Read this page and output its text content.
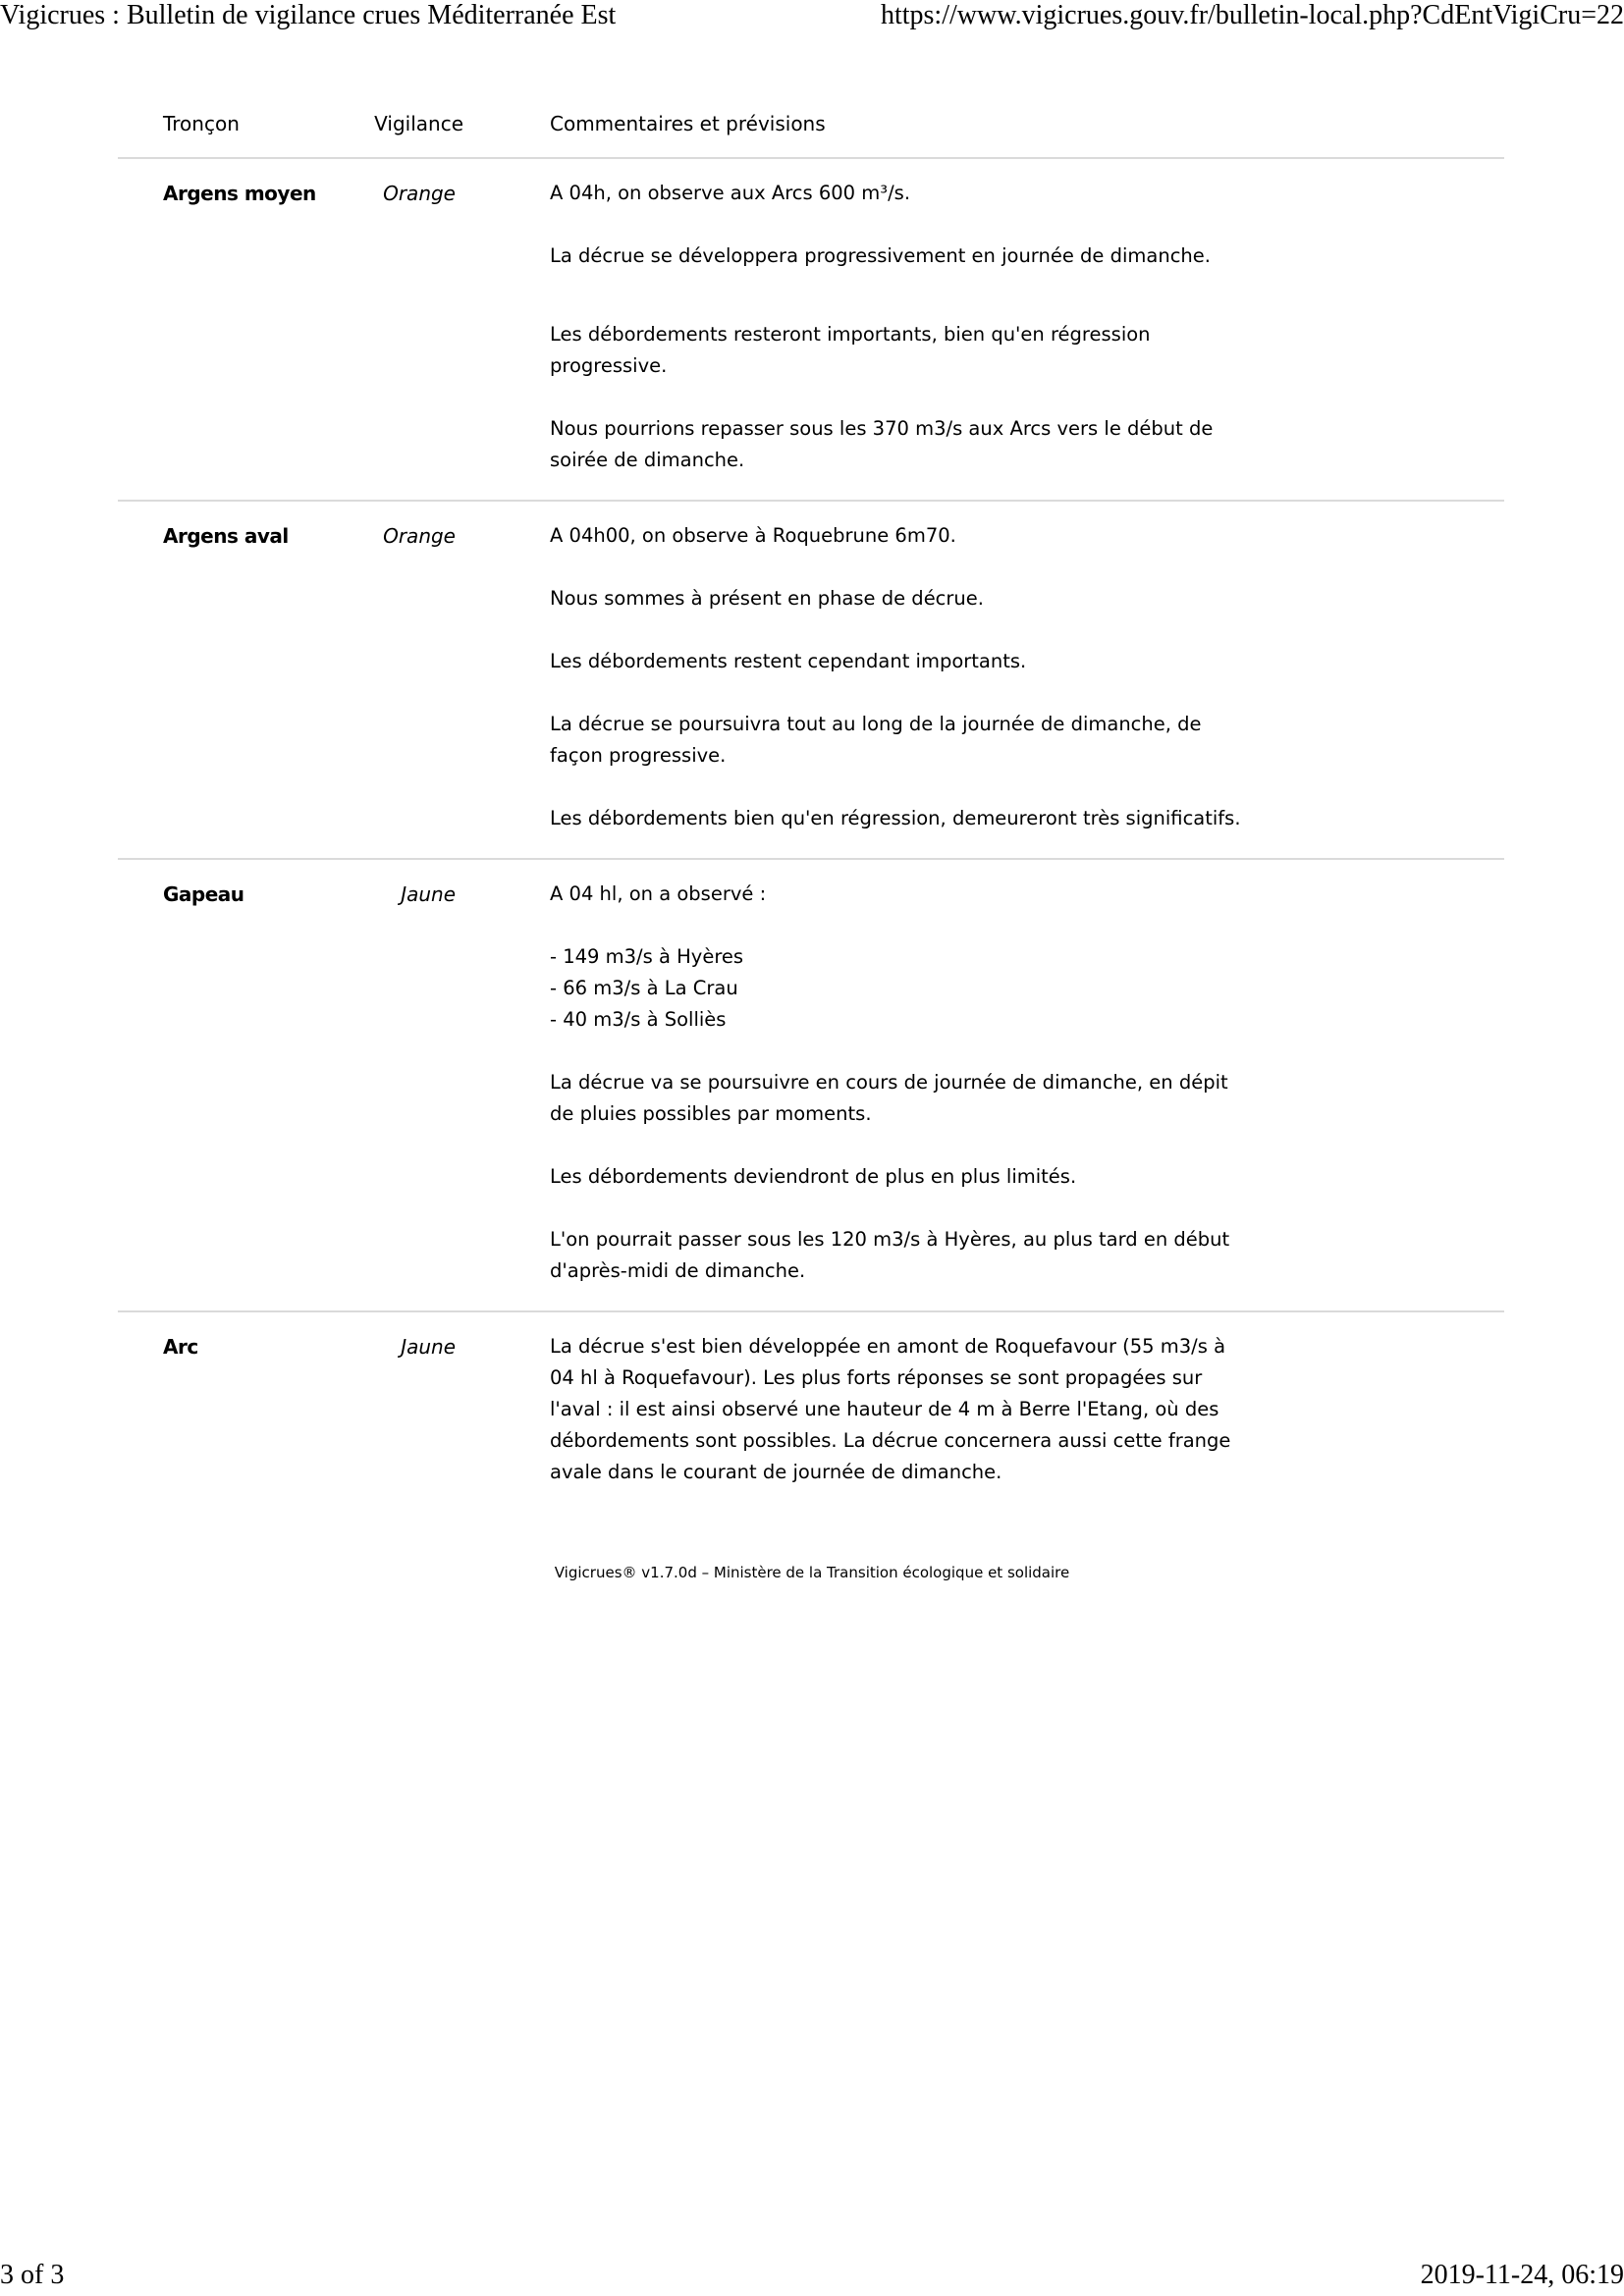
Vigicrues : Bulletin de vigilance crues Méditerranée Est	https://www.vigicrues.gouv.fr/bulletin-local.php?CdEntVigiCru=22
Tronçon	Vigilance	Commentaires et prévisions
Argens moyen	Orange	A 04h, on observe aux Arcs 600 m³/s.

La décrue se développera progressivement en journée de dimanche.

Les débordements resteront importants, bien qu'en régression progressive.

Nous pourrions repasser sous les 370 m3/s aux Arcs vers le début de soirée de dimanche.

Argens aval	Orange	A 04h00, on observe à Roquebrune 6m70.

Nous sommes à présent en phase de décrue.

Les débordements restent cependant importants.

La décrue se poursuivra tout au long de la journée de dimanche, de façon progressive.

Les débordements bien qu'en régression, demeureront très significatifs.

Gapeau	Jaune	A 04 hl, on a observé :

- 149 m3/s à Hyères
- 66 m3/s à La Crau
- 40 m3/s à Solliès

La décrue va se poursuivre en cours de journée de dimanche, en dépit de pluies possibles par moments.

Les débordements deviendront de plus en plus limités.

L'on pourrait passer sous les 120 m3/s à Hyères, au plus tard en début d'après-midi de dimanche.

Arc	Jaune	La décrue s'est bien développée en amont de Roquefavour (55 m3/s à 04 hl à Roquefavour). Les plus forts réponses se sont propagées sur l'aval : il est ainsi observé une hauteur de 4 m à Berre l'Etang, où des débordements sont possibles. La décrue concernera aussi cette frange avale dans le courant de journée de dimanche.

Vigicrues® v1.7.0d – Ministère de la Transition écologique et solidaire
3 of 3	2019-11-24, 06:19
